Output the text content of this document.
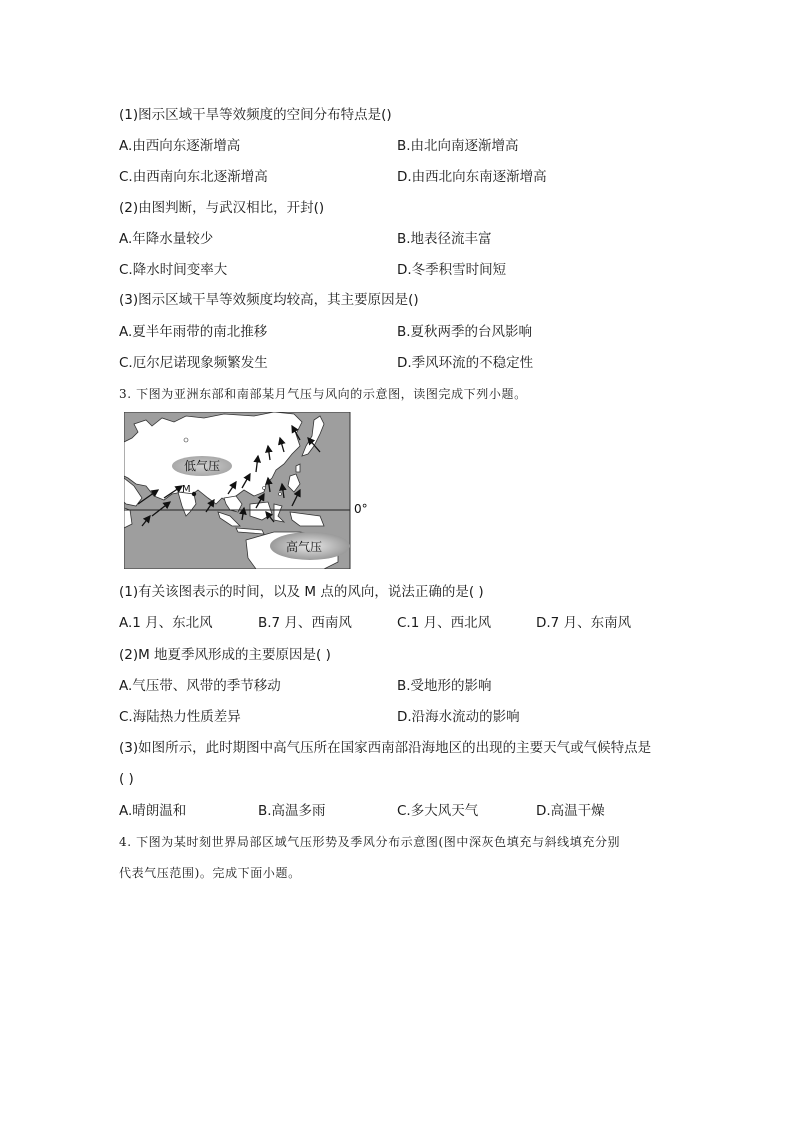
(1)图示区域干旱等效频度的空间分布特点是()
A.由西向东逐渐增高	B.由北向南逐渐增高
C.由西南向东北逐渐增高	D.由西北向东南逐渐增高
(2)由图判断，与武汉相比，开封()
A.年降水量较少	B.地表径流丰富
C.降水时间变率大	D.冬季积雪时间短
(3)图示区域干旱等效频度均较高，其主要原因是()
A.夏半年雨带的南北推移	B.夏秋两季的台风影响
C.厄尔尼诺现象频繁发生	D.季风环流的不稳定性
3. 下图为亚洲东部和南部某月气压与风向的示意图，读图完成下列小题。
M
低气压
高气压
0°
(1)有关该图表示的时间，以及 M 点的风向，说法正确的是( )
A.1 月、东北风	B.7 月、西南风	C.1 月、西北风	D.7 月、东南风
(2)M 地夏季风形成的主要原因是( )
A.气压带、风带的季节移动	B.受地形的影响
C.海陆热力性质差异	D.沿海水流动的影响
(3)如图所示，此时期图中高气压所在国家西南部沿海地区的出现的主要天气或气候特点是
( )
A.晴朗温和	B.高温多雨	C.多大风天气	D.高温干燥
4. 下图为某时刻世界局部区域气压形势及季风分布示意图(图中深灰色填充与斜线填充分别
代表气压范围)。完成下面小题。
